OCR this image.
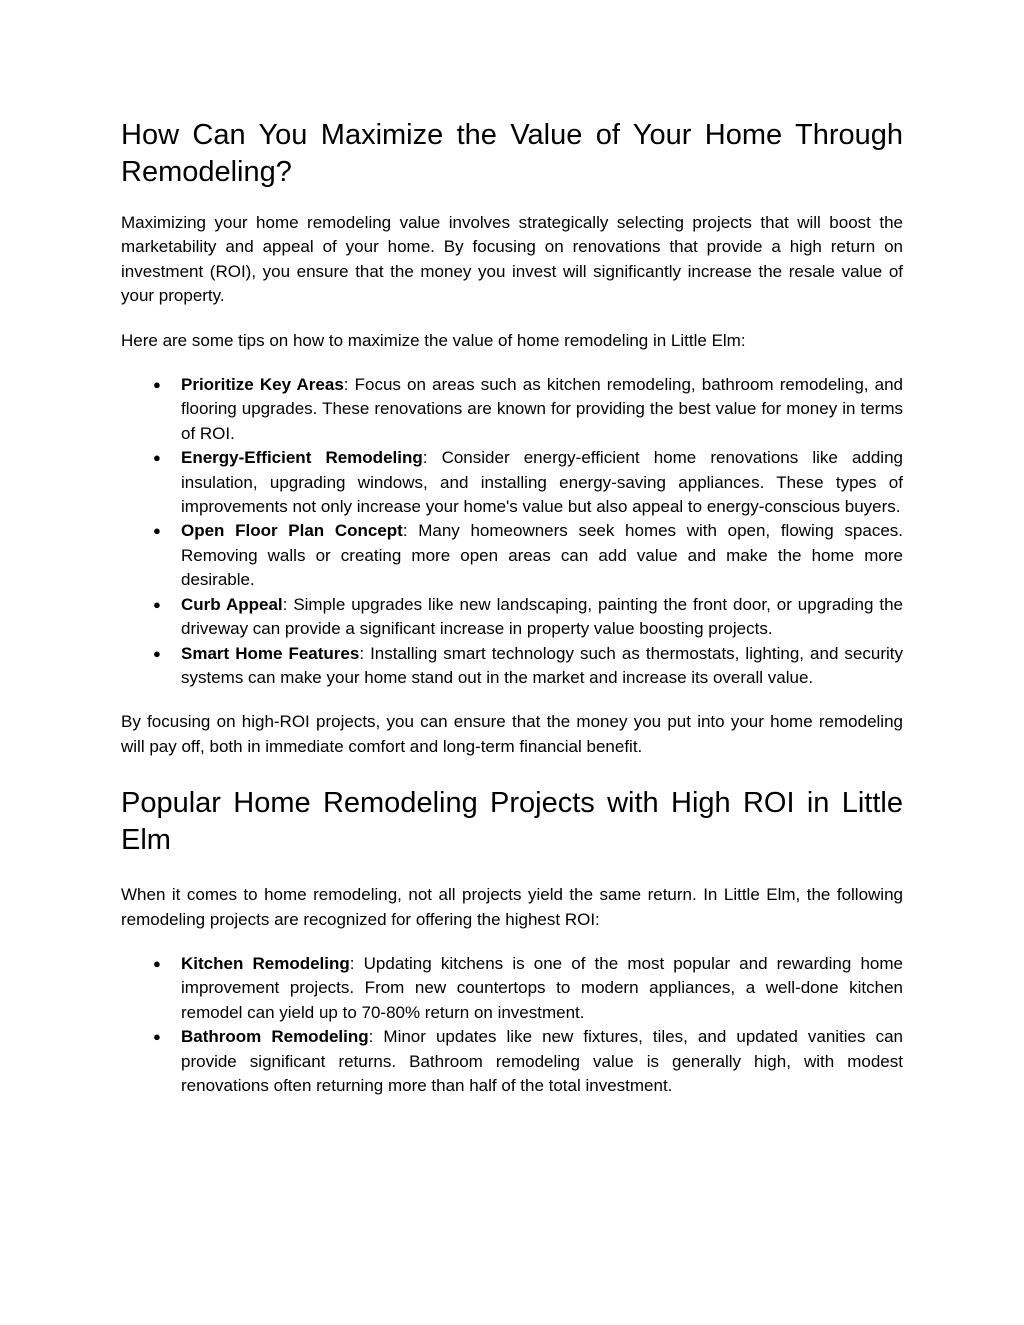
How Can You Maximize the Value of Your Home Through Remodeling?

Maximizing your home remodeling value involves strategically selecting projects that will boost the marketability and appeal of your home. By focusing on renovations that provide a high return on investment (ROI), you ensure that the money you invest will significantly increase the resale value of your property.

Here are some tips on how to maximize the value of home remodeling in Little Elm:

● Prioritize Key Areas: Focus on areas such as kitchen remodeling, bathroom remodeling, and flooring upgrades. These renovations are known for providing the best value for money in terms of ROI.
● Energy-Efficient Remodeling: Consider energy-efficient home renovations like adding insulation, upgrading windows, and installing energy-saving appliances. These types of improvements not only increase your home's value but also appeal to energy-conscious buyers.
● Open Floor Plan Concept: Many homeowners seek homes with open, flowing spaces. Removing walls or creating more open areas can add value and make the home more desirable.
● Curb Appeal: Simple upgrades like new landscaping, painting the front door, or upgrading the driveway can provide a significant increase in property value boosting projects.
● Smart Home Features: Installing smart technology such as thermostats, lighting, and security systems can make your home stand out in the market and increase its overall value.

By focusing on high-ROI projects, you can ensure that the money you put into your home remodeling will pay off, both in immediate comfort and long-term financial benefit.

Popular Home Remodeling Projects with High ROI in Little Elm

When it comes to home remodeling, not all projects yield the same return. In Little Elm, the following remodeling projects are recognized for offering the highest ROI:

● Kitchen Remodeling: Updating kitchens is one of the most popular and rewarding home improvement projects. From new countertops to modern appliances, a well-done kitchen remodel can yield up to 70-80% return on investment.
● Bathroom Remodeling: Minor updates like new fixtures, tiles, and updated vanities can provide significant returns. Bathroom remodeling value is generally high, with modest renovations often returning more than half of the total investment.
